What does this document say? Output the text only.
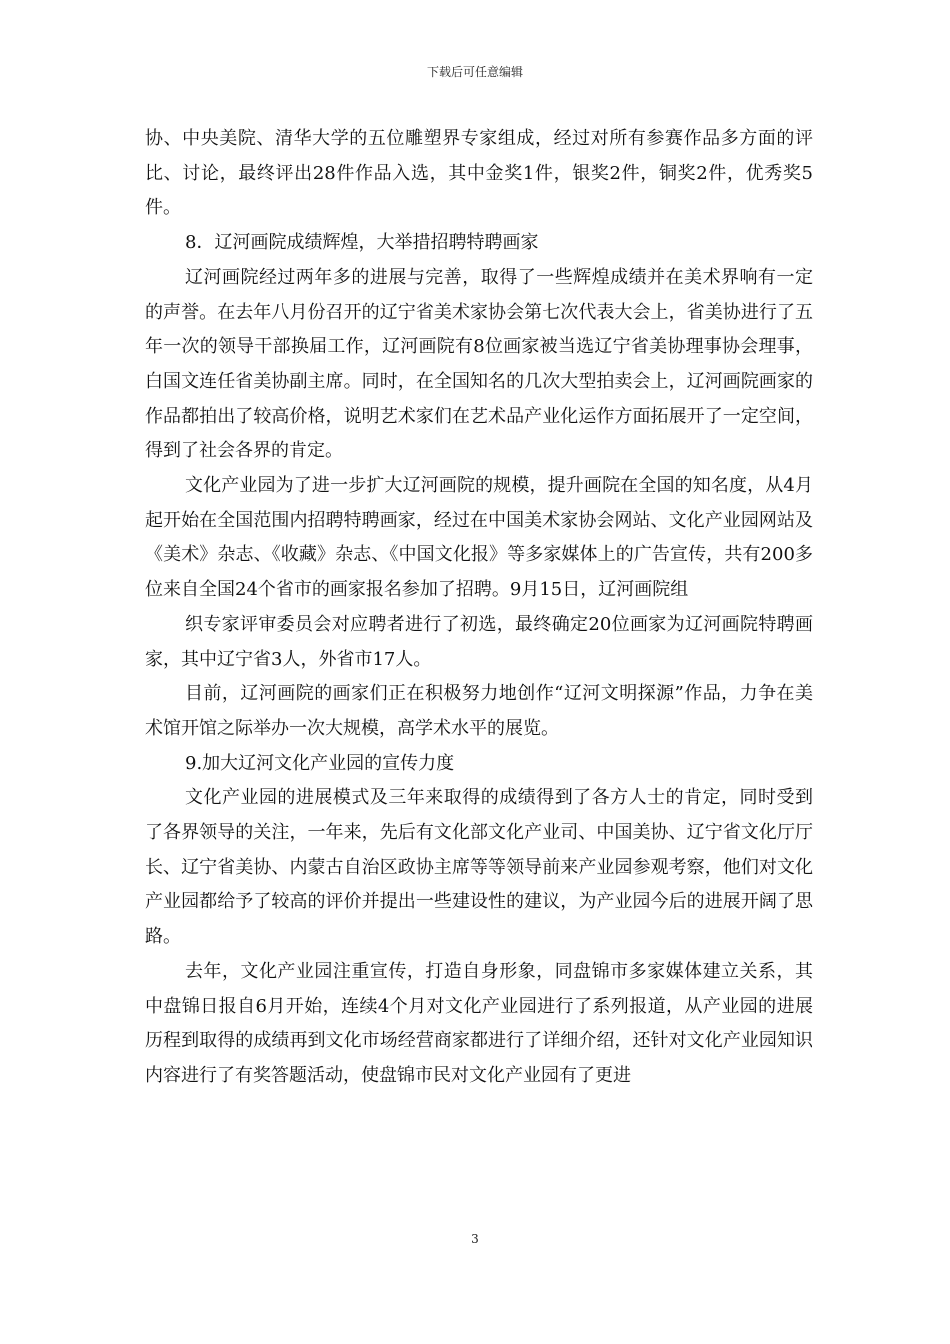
下载后可任意编辑

协、中央美院、清华大学的五位雕塑界专家组成，经过对所有参赛作品多方面的评比、讨论，最终评出28件作品入选，其中金奖1件，银奖2件，铜奖2件，优秀奖5件。

8．辽河画院成绩辉煌，大举措招聘特聘画家

辽河画院经过两年多的进展与完善，取得了一些辉煌成绩并在美术界响有一定的声誉。在去年八月份召开的辽宁省美术家协会第七次代表大会上，省美协进行了五年一次的领导干部换届工作，辽河画院有8位画家被当选辽宁省美协理事协会理事，白国文连任省美协副主席。同时，在全国知名的几次大型拍卖会上，辽河画院画家的作品都拍出了较高价格，说明艺术家们在艺术品产业化运作方面拓展开了一定空间，得到了社会各界的肯定。

文化产业园为了进一步扩大辽河画院的规模，提升画院在全国的知名度，从4月起开始在全国范围内招聘特聘画家，经过在中国美术家协会网站、文化产业园网站及《美术》杂志、《收藏》杂志、《中国文化报》等多家媒体上的广告宣传，共有200多位来自全国24个省市的画家报名参加了招聘。9月15日，辽河画院组

织专家评审委员会对应聘者进行了初选，最终确定20位画家为辽河画院特聘画家，其中辽宁省3人，外省市17人。

目前，辽河画院的画家们正在积极努力地创作“辽河文明探源”作品，力争在美术馆开馆之际举办一次大规模，高学术水平的展览。

9.加大辽河文化产业园的宣传力度

文化产业园的进展模式及三年来取得的成绩得到了各方人士的肯定，同时受到了各界领导的关注，一年来，先后有文化部文化产业司、中国美协、辽宁省文化厅厅长、辽宁省美协、内蒙古自治区政协主席等等领导前来产业园参观考察，他们对文化产业园都给予了较高的评价并提出一些建设性的建议，为产业园今后的进展开阔了思路。

去年，文化产业园注重宣传，打造自身形象，同盘锦市多家媒体建立关系，其中盘锦日报自6月开始，连续4个月对文化产业园进行了系列报道，从产业园的进展历程到取得的成绩再到文化市场经营商家都进行了详细介绍，还针对文化产业园知识内容进行了有奖答题活动，使盘锦市民对文化产业园有了更进

3
